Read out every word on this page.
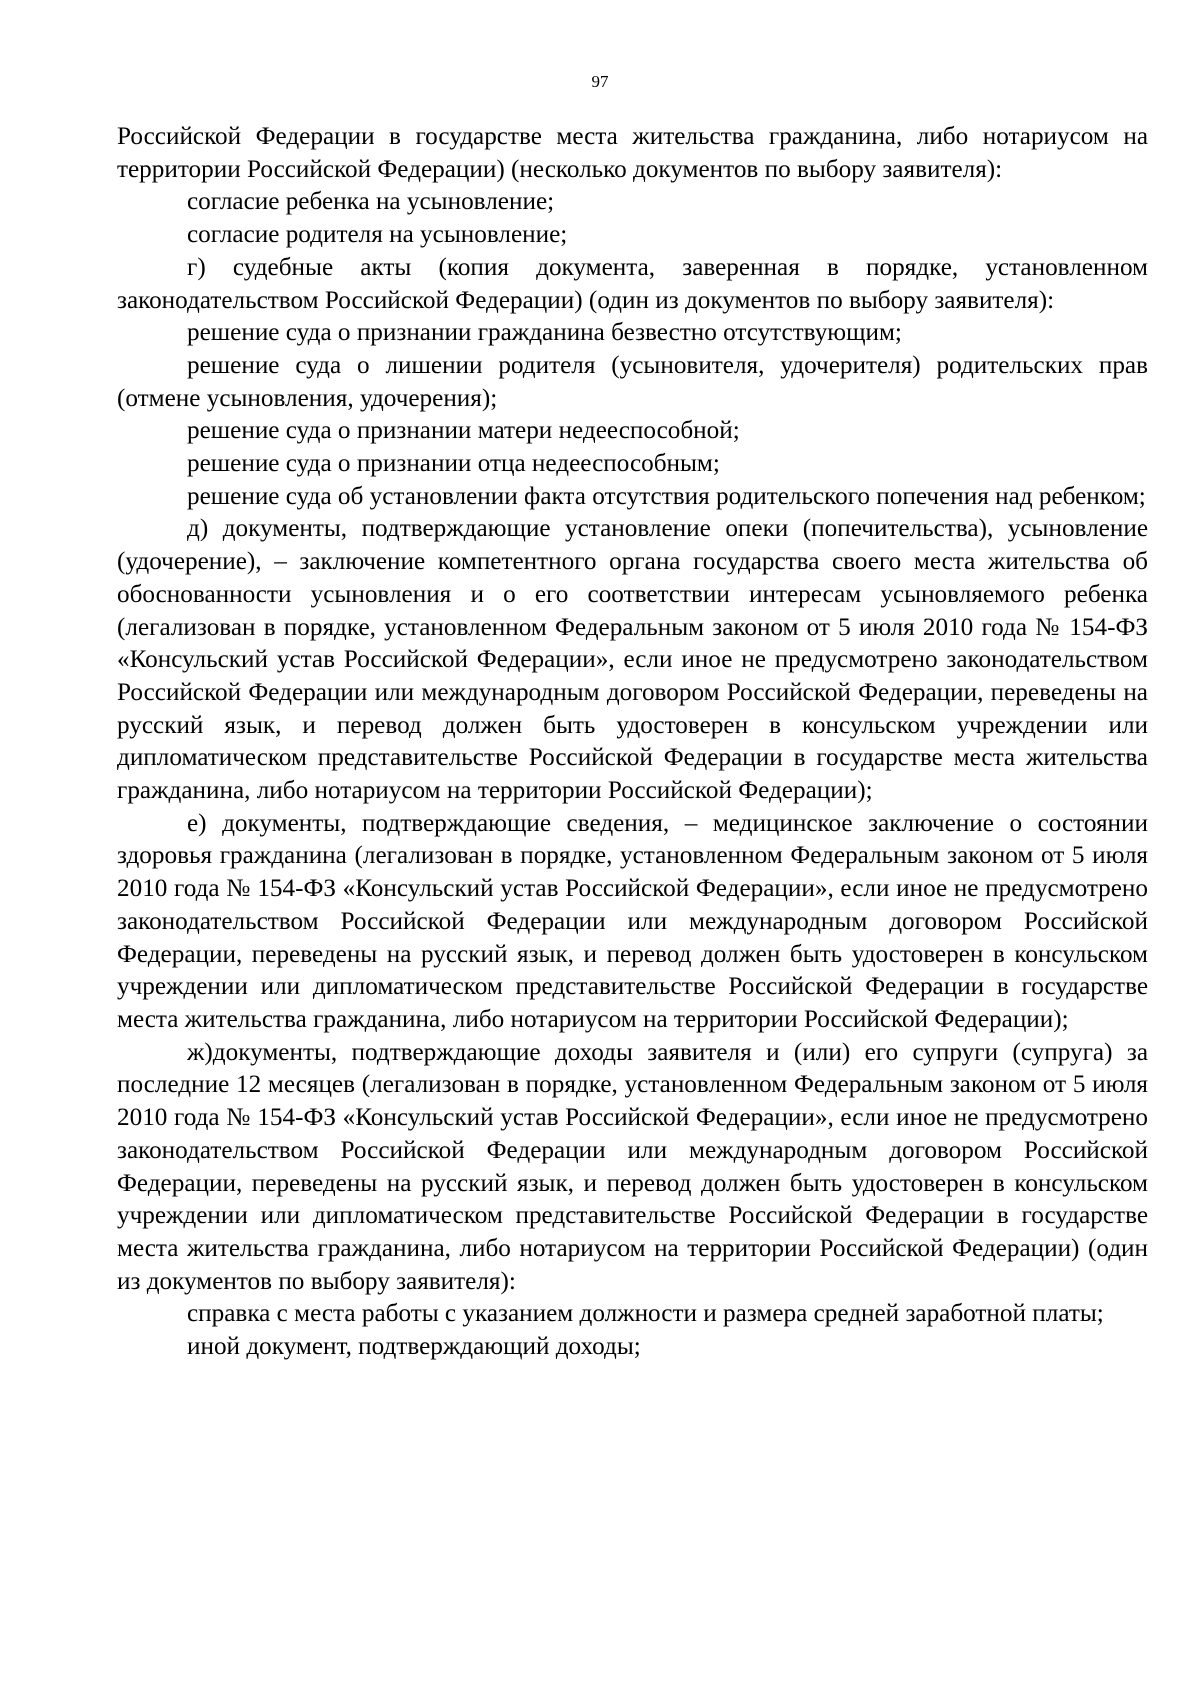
97

Российской Федерации в государстве места жительства гражданина, либо нотариусом на территории Российской Федерации) (несколько документов по выбору заявителя):

согласие ребенка на усыновление;

согласие родителя на усыновление;

г) судебные акты (копия документа, заверенная в порядке, установленном законодательством Российской Федерации) (один из документов по выбору заявителя):

решение суда о признании гражданина безвестно отсутствующим;

решение суда о лишении родителя (усыновителя, удочерителя) родительских прав (отмене усыновления, удочерения);

решение суда о признании матери недееспособной;

решение суда о признании отца недееспособным;

решение суда об установлении факта отсутствия родительского попечения над ребенком;

д) документы, подтверждающие установление опеки (попечительства), усыновление (удочерение), – заключение компетентного органа государства своего места жительства об обоснованности усыновления и о его соответствии интересам усыновляемого ребенка (легализован в порядке, установленном Федеральным законом от 5 июля 2010 года № 154-ФЗ «Консульский устав Российской Федерации», если иное не предусмотрено законодательством Российской Федерации или международным договором Российской Федерации, переведены на русский язык, и перевод должен быть удостоверен в консульском учреждении или дипломатическом представительстве Российской Федерации в государстве места жительства гражданина, либо нотариусом на территории Российской Федерации);

е) документы, подтверждающие сведения, – медицинское заключение о состоянии здоровья гражданина (легализован в порядке, установленном Федеральным законом от 5 июля 2010 года № 154-ФЗ «Консульский устав Российской Федерации», если иное не предусмотрено законодательством Российской Федерации или международным договором Российской Федерации, переведены на русский язык, и перевод должен быть удостоверен в консульском учреждении или дипломатическом представительстве Российской Федерации в государстве места жительства гражданина, либо нотариусом на территории Российской Федерации);

ж)документы, подтверждающие доходы заявителя и (или) его супруги (супруга) за последние 12 месяцев (легализован в порядке, установленном Федеральным законом от 5 июля 2010 года № 154-ФЗ «Консульский устав Российской Федерации», если иное не предусмотрено законодательством Российской Федерации или международным договором Российской Федерации, переведены на русский язык, и перевод должен быть удостоверен в консульском учреждении или дипломатическом представительстве Российской Федерации в государстве места жительства гражданина, либо нотариусом на территории Российской Федерации) (один из документов по выбору заявителя):

справка с места работы с указанием должности и размера средней заработной платы;

иной документ, подтверждающий доходы;
